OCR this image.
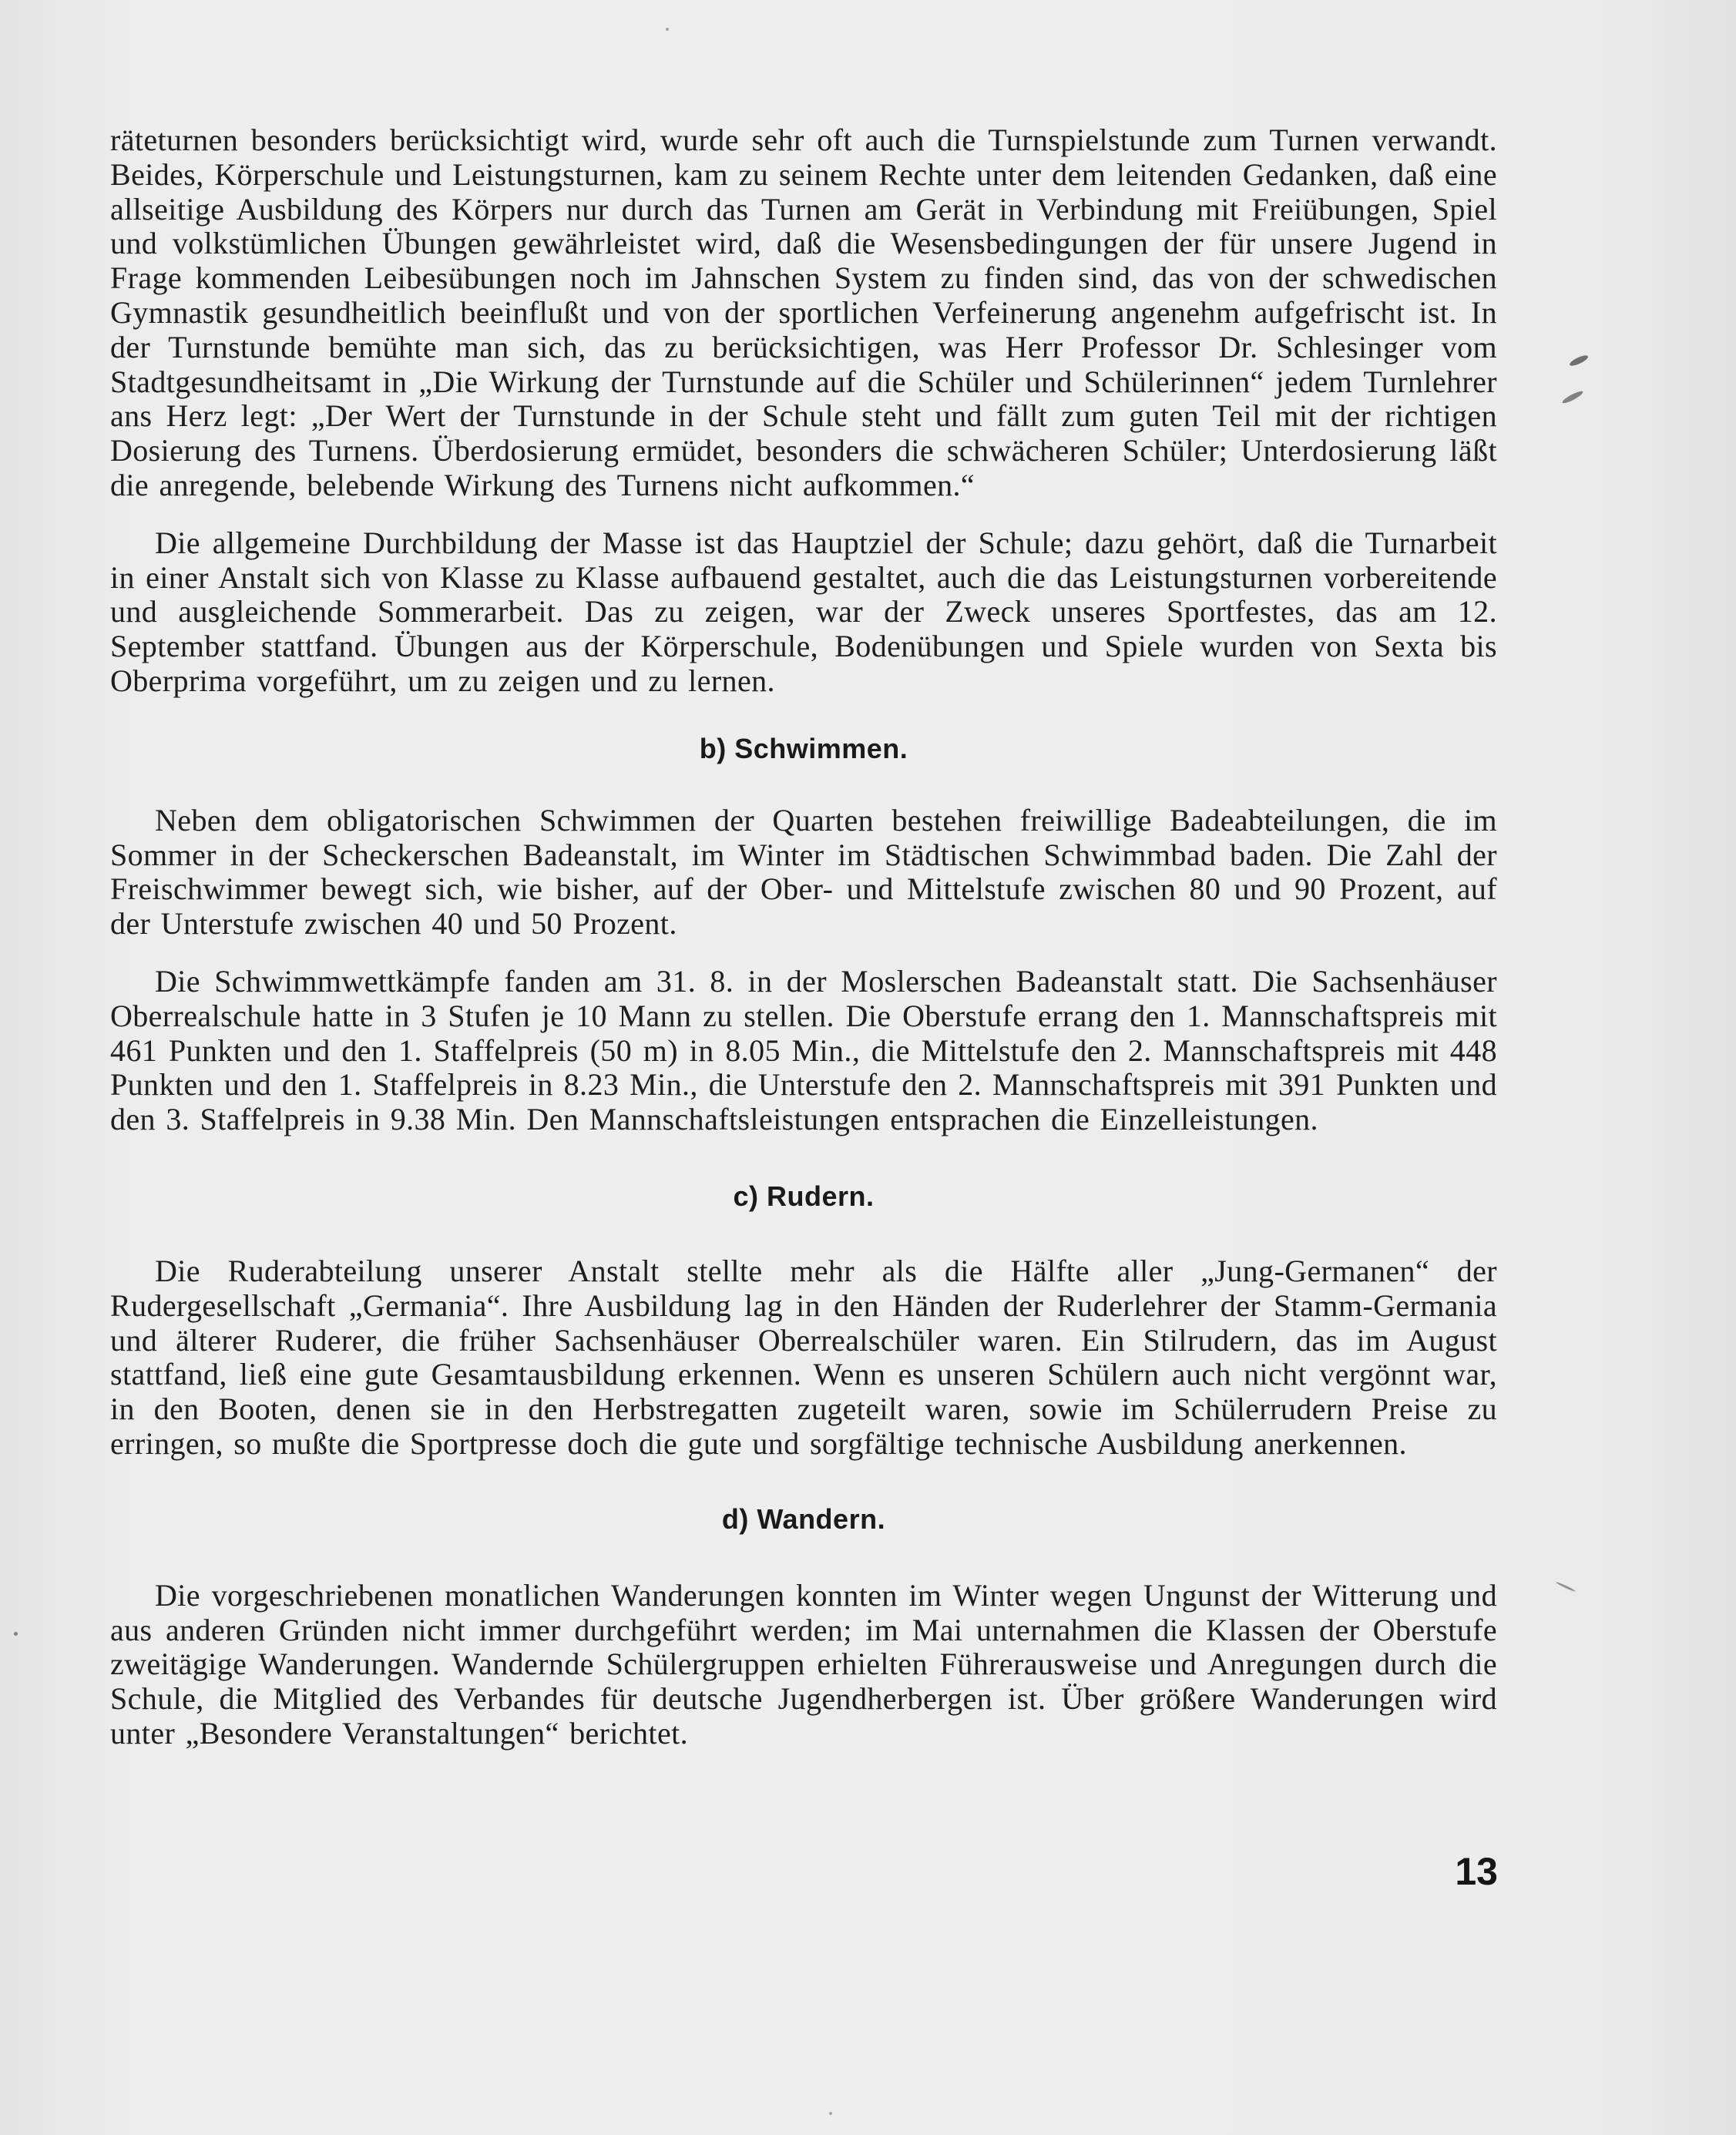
räteturnen besonders berücksichtigt wird, wurde sehr oft auch die Turnspielstunde zum Turnen verwandt. Beides, Körperschule und Leistungsturnen, kam zu seinem Rechte unter dem leitenden Gedanken, daß eine allseitige Ausbildung des Körpers nur durch das Turnen am Gerät in Verbindung mit Freiübungen, Spiel und volkstümlichen Übungen gewährleistet wird, daß die Wesensbedingungen der für unsere Jugend in Frage kommenden Leibesübungen noch im Jahnschen System zu finden sind, das von der schwedischen Gymnastik gesundheitlich beeinflußt und von der sportlichen Verfeinerung angenehm aufgefrischt ist. In der Turnstunde bemühte man sich, das zu berücksichtigen, was Herr Professor Dr. Schlesinger vom Stadtgesundheitsamt in „Die Wirkung der Turnstunde auf die Schüler und Schülerinnen“ jedem Turnlehrer ans Herz legt: „Der Wert der Turnstunde in der Schule steht und fällt zum guten Teil mit der richtigen Dosierung des Turnens. Überdosierung ermüdet, besonders die schwächeren Schüler; Unterdosierung läßt die anregende, belebende Wirkung des Turnens nicht aufkommen.“

Die allgemeine Durchbildung der Masse ist das Hauptziel der Schule; dazu gehört, daß die Turnarbeit in einer Anstalt sich von Klasse zu Klasse aufbauend gestaltet, auch die das Leistungsturnen vorbereitende und ausgleichende Sommerarbeit. Das zu zeigen, war der Zweck unseres Sportfestes, das am 12. September stattfand. Übungen aus der Körperschule, Bodenübungen und Spiele wurden von Sexta bis Oberprima vorgeführt, um zu zeigen und zu lernen.

b) Schwimmen.

Neben dem obligatorischen Schwimmen der Quarten bestehen freiwillige Badeabteilungen, die im Sommer in der Scheckerschen Badeanstalt, im Winter im Städtischen Schwimmbad baden. Die Zahl der Freischwimmer bewegt sich, wie bisher, auf der Ober- und Mittelstufe zwischen 80 und 90 Prozent, auf der Unterstufe zwischen 40 und 50 Prozent.

Die Schwimmwettkämpfe fanden am 31. 8. in der Moslerschen Badeanstalt statt. Die Sachsenhäuser Oberrealschule hatte in 3 Stufen je 10 Mann zu stellen. Die Oberstufe errang den 1. Mannschaftspreis mit 461 Punkten und den 1. Staffelpreis (50 m) in 8.05 Min., die Mittelstufe den 2. Mannschaftspreis mit 448 Punkten und den 1. Staffelpreis in 8.23 Min., die Unterstufe den 2. Mannschaftspreis mit 391 Punkten und den 3. Staffelpreis in 9.38 Min. Den Mannschaftsleistungen entsprachen die Einzelleistungen.

c) Rudern.

Die Ruderabteilung unserer Anstalt stellte mehr als die Hälfte aller „Jung-Germanen“ der Rudergesellschaft „Germania“. Ihre Ausbildung lag in den Händen der Ruderlehrer der Stamm-Germania und älterer Ruderer, die früher Sachsenhäuser Oberrealschüler waren. Ein Stilrudern, das im August stattfand, ließ eine gute Gesamtausbildung erkennen. Wenn es unseren Schülern auch nicht vergönnt war, in den Booten, denen sie in den Herbstregatten zugeteilt waren, sowie im Schülerrudern Preise zu erringen, so mußte die Sportpresse doch die gute und sorgfältige technische Ausbildung anerkennen.

d) Wandern.

Die vorgeschriebenen monatlichen Wanderungen konnten im Winter wegen Ungunst der Witterung und aus anderen Gründen nicht immer durchgeführt werden; im Mai unternahmen die Klassen der Oberstufe zweitägige Wanderungen. Wandernde Schülergruppen erhielten Führerausweise und Anregungen durch die Schule, die Mitglied des Verbandes für deutsche Jugendherbergen ist. Über größere Wanderungen wird unter „Besondere Veranstaltungen“ berichtet.

13
